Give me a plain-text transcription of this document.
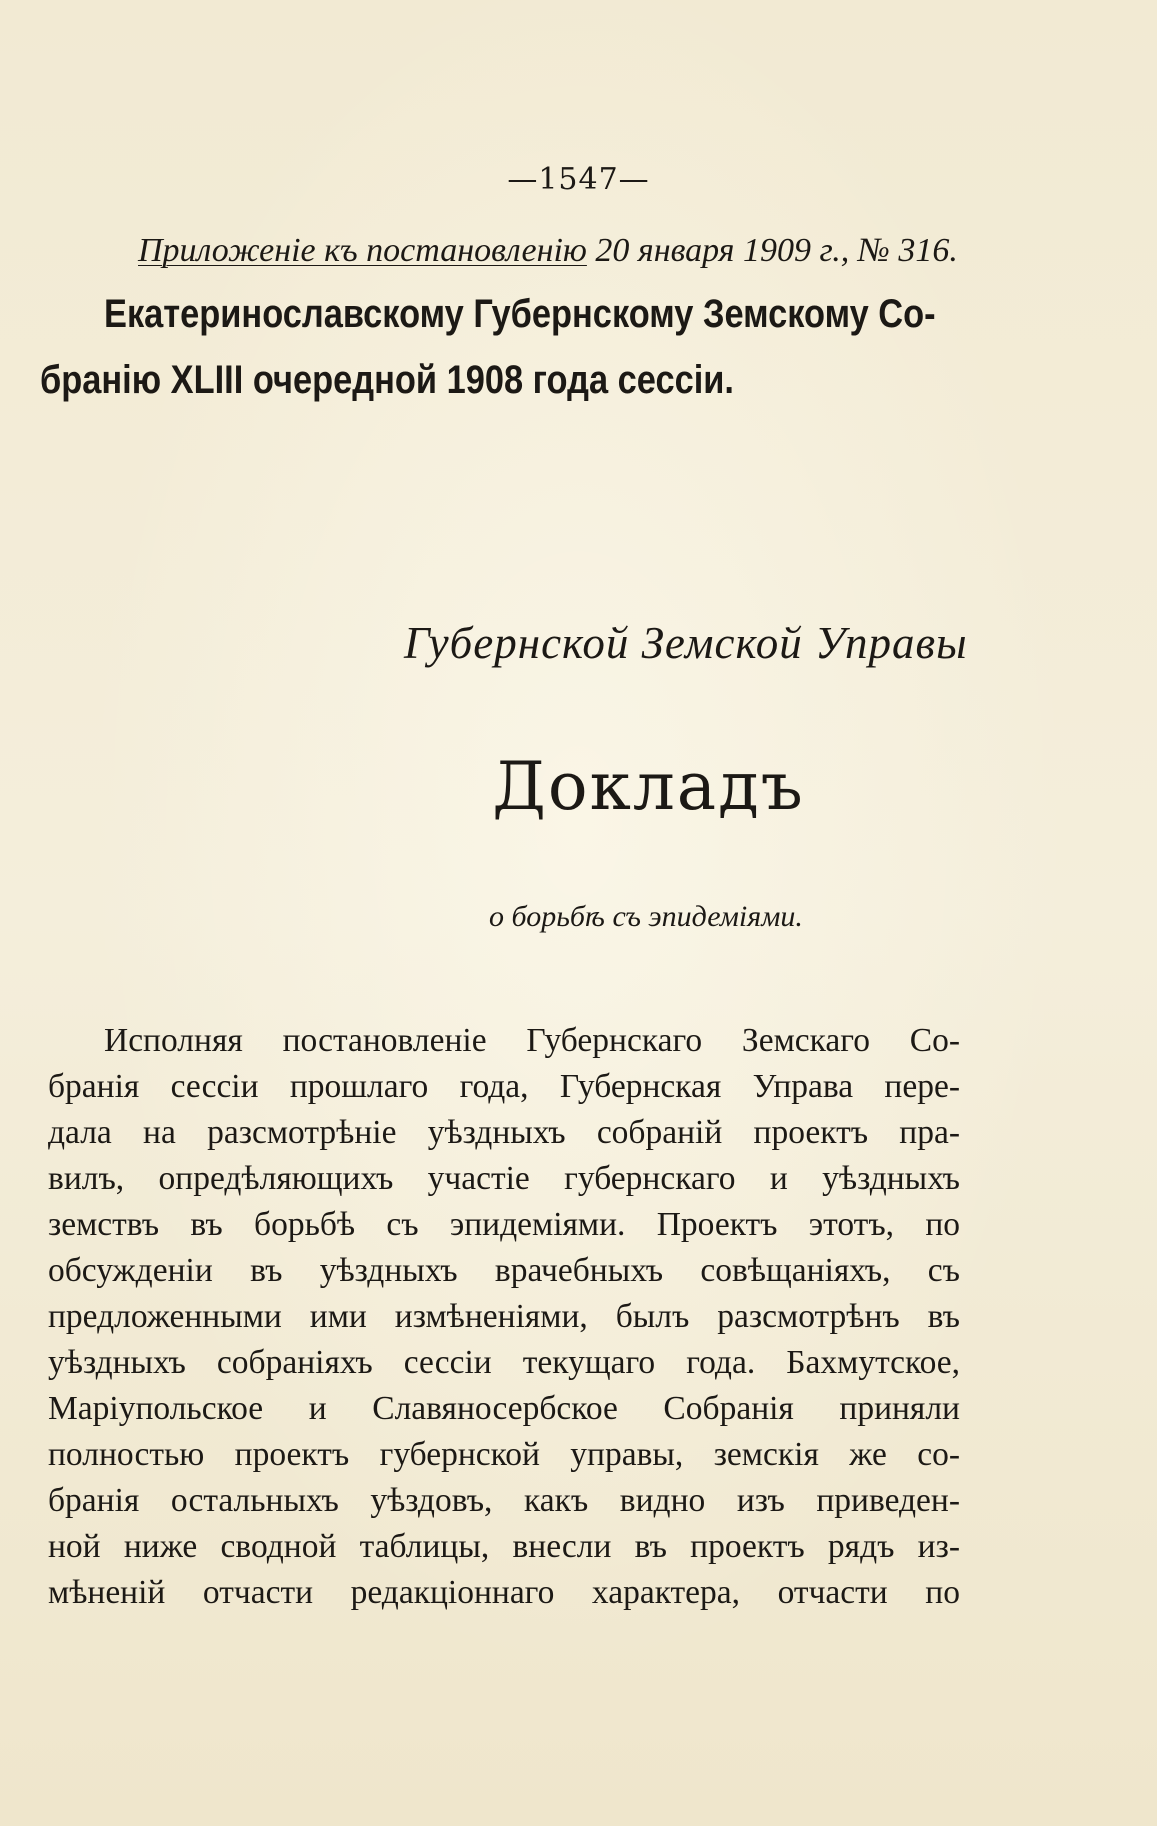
—1547—
Приложеніе къ постановленію 20 января 1909 г., № 316.
Екатеринославскому Губернскому Земскому Со-
бранію XLIII очередной 1908 года сессіи.
Губернской Земской Управы
Докладъ
о борьбѣ съ эпидеміями.
Исполняя постановленіе Губернскаго Земскаго Со-
бранія сессіи прошлаго года, Губернская Управа пере-
дала на разсмотрѣніе уѣздныхъ собраній проектъ пра-
вилъ, опредѣляющихъ участіе губернскаго и уѣздныхъ
земствъ въ борьбѣ съ эпидеміями. Проектъ этотъ, по
обсужденіи въ уѣздныхъ врачебныхъ совѣщаніяхъ, съ
предложенными ими измѣненіями, былъ разсмотрѣнъ въ
уѣздныхъ собраніяхъ сессіи текущаго года. Бахмутское,
Маріупольское и Славяносербское Собранія приняли
полностью проектъ губернской управы, земскія же со-
бранія остальныхъ уѣздовъ, какъ видно изъ приведен-
ной ниже сводной таблицы, внесли въ проектъ рядъ из-
мѣненій отчасти редакціоннаго характера, отчасти по
